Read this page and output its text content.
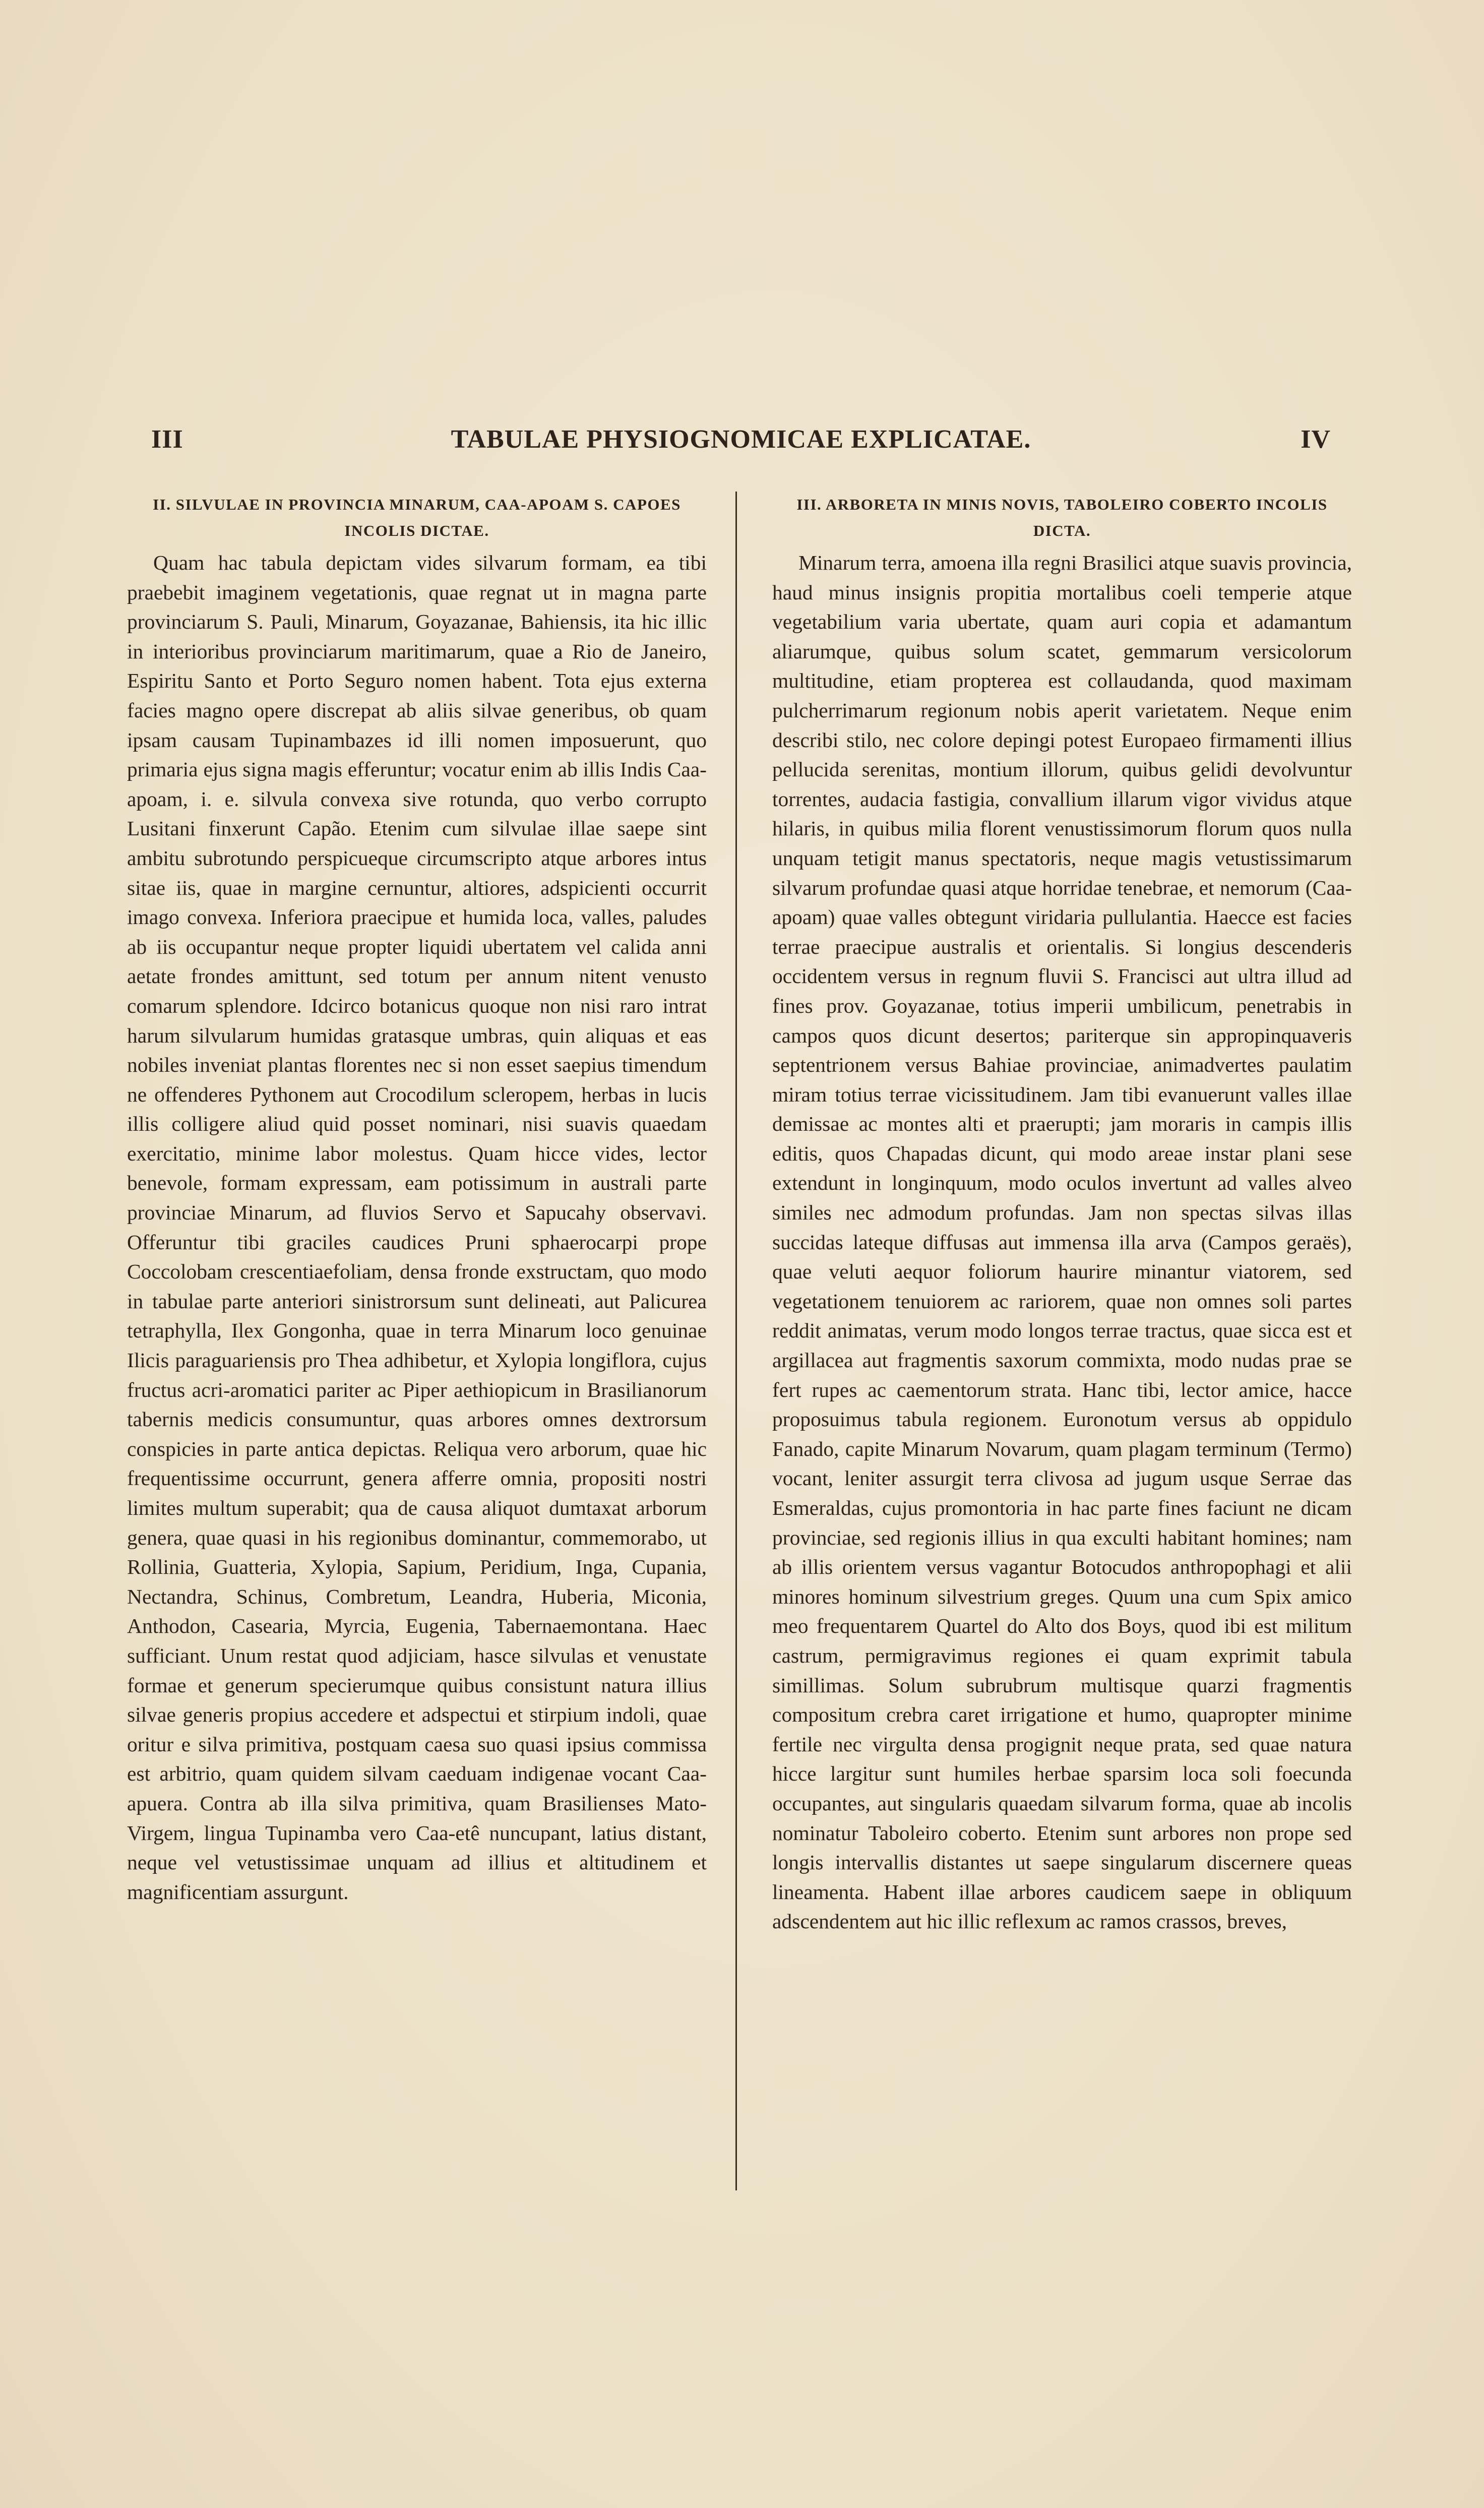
III	TABULAE PHYSIOGNOMICAE EXPLICATAE.	IV
II. SILVULAE IN PROVINCIA MINARUM, CAA-APOAM S. CAPOES INCOLIS DICTAE.

Quam hac tabula depictam vides silvarum formam, ea tibi praebebit imaginem vegetationis, quae regnat ut in magna parte provinciarum S. Pauli, Minarum, Goyazanae, Bahiensis, ita hic illic in interioribus provinciarum maritimarum, quae a Rio de Janeiro, Espiritu Santo et Porto Seguro nomen habent. Tota ejus externa facies magno opere discrepat ab aliis silvae generibus, ob quam ipsam causam Tupinambazes id illi nomen imposuerunt, quo primaria ejus signa magis efferuntur; vocatur enim ab illis Indis Caa-apoam, i. e. silvula convexa sive rotunda, quo verbo corrupto Lusitani finxerunt Capão. Etenim cum silvulae illae saepe sint ambitu subrotundo perspicueque circumscripto atque arbores intus sitae iis, quae in margine cernuntur, altiores, adspicienti occurrit imago convexa. Inferiora praecipue et humida loca, valles, paludes ab iis occupantur neque propter liquidi ubertatem vel calida anni aetate frondes amittunt, sed totum per annum nitent venusto comarum splendore. Idcirco botanicus quoque non nisi raro intrat harum silvularum humidas gratasque umbras, quin aliquas et eas nobiles inveniat plantas florentes nec si non esset saepius timendum ne offenderes Pythonem aut Crocodilum scleropem, herbas in lucis illis colligere aliud quid posset nominari, nisi suavis quaedam exercitatio, minime labor molestus. Quam hicce vides, lector benevole, formam expressam, eam potissimum in australi parte provinciae Minarum, ad fluvios Servo et Sapucahy observavi. Offeruntur tibi graciles caudices Pruni sphaerocarpi prope Coccolobam crescentiaefoliam, densa fronde exstructam, quo modo in tabulae parte anteriori sinistrorsum sunt delineati, aut Palicurea tetraphylla, Ilex Gongonha, quae in terra Minarum loco genuinae Ilicis paraguariensis pro Thea adhibetur, et Xylopia longiflora, cujus fructus acri-aromatici pariter ac Piper aethiopicum in Brasilianorum tabernis medicis consumuntur, quas arbores omnes dextrorsum conspicies in parte antica depictas. Reliqua vero arborum, quae hic frequentissime occurrunt, genera afferre omnia, propositi nostri limites multum superabit; qua de causa aliquot dumtaxat arborum genera, quae quasi in his regionibus dominantur, commemorabo, ut Rollinia, Guatteria, Xylopia, Sapium, Peridium, Inga, Cupania, Nectandra, Schinus, Combretum, Leandra, Huberia, Miconia, Anthodon, Casearia, Myrcia, Eugenia, Tabernaemontana. Haec sufficiant. Unum restat quod adjiciam, hasce silvulas et venustate formae et generum specierumque quibus consistunt natura illius silvae generis propius accedere et adspectui et stirpium indoli, quae oritur e silva primitiva, postquam caesa suo quasi ipsius commissa est arbitrio, quam quidem silvam caeduam indigenae vocant Caa-apuera. Contra ab illa silva primitiva, quam Brasilienses Mato-Virgem, lingua Tupinamba vero Caa-etê nuncupant, latius distant, neque vel vetustissimae unquam ad illius et altitudinem et magnificentiam assurgunt.

III. ARBORETA IN MINIS NOVIS, TABOLEIRO COBERTO INCOLIS DICTA.

Minarum terra, amoena illa regni Brasilici atque suavis provincia, haud minus insignis propitia mortalibus coeli temperie atque vegetabilium varia ubertate, quam auri copia et adamantum aliarumque, quibus solum scatet, gemmarum versicolorum multitudine, etiam propterea est collaudanda, quod maximam pulcherrimarum regionum nobis aperit varietatem. Neque enim describi stilo, nec colore depingi potest Europaeo firmamenti illius pellucida serenitas, montium illorum, quibus gelidi devolvuntur torrentes, audacia fastigia, convallium illarum vigor vividus atque hilaris, in quibus milia florent venustissimorum florum quos nulla unquam tetigit manus spectatoris, neque magis vetustissimarum silvarum profundae quasi atque horridae tenebrae, et nemorum (Caa-apoam) quae valles obtegunt viridaria pullulantia. Haecce est facies terrae praecipue australis et orientalis. Si longius descenderis occidentem versus in regnum fluvii S. Francisci aut ultra illud ad fines prov. Goyazanae, totius imperii umbilicum, penetrabis in campos quos dicunt desertos; pariterque sin appropinquaveris septentrionem versus Bahiae provinciae, animadvertes paulatim miram totius terrae vicissitudinem. Jam tibi evanuerunt valles illae demissae ac montes alti et praerupti; jam moraris in campis illis editis, quos Chapadas dicunt, qui modo areae instar plani sese extendunt in longinquum, modo oculos invertunt ad valles alveo similes nec admodum profundas. Jam non spectas silvas illas succidas lateque diffusas aut immensa illa arva (Campos geraës), quae veluti aequor foliorum haurire minantur viatorem, sed vegetationem tenuiorem ac rariorem, quae non omnes soli partes reddit animatas, verum modo longos terrae tractus, quae sicca est et argillacea aut fragmentis saxorum commixta, modo nudas prae se fert rupes ac caementorum strata. Hanc tibi, lector amice, hacce proposuimus tabula regionem. Euronotum versus ab oppidulo Fanado, capite Minarum Novarum, quam plagam terminum (Termo) vocant, leniter assurgit terra clivosa ad jugum usque Serrae das Esmeraldas, cujus promontoria in hac parte fines faciunt ne dicam provinciae, sed regionis illius in qua exculti habitant homines; nam ab illis orientem versus vagantur Botocudos anthropophagi et alii minores hominum silvestrium greges. Quum una cum Spix amico meo frequentarem Quartel do Alto dos Boys, quod ibi est militum castrum, permigravimus regiones ei quam exprimit tabula simillimas. Solum subrubrum multisque quarzi fragmentis compositum crebra caret irrigatione et humo, quapropter minime fertile nec virgulta densa progignit neque prata, sed quae natura hicce largitur sunt humiles herbae sparsim loca soli foecunda occupantes, aut singularis quaedam silvarum forma, quae ab incolis nominatur Taboleiro coberto. Etenim sunt arbores non prope sed longis intervallis distantes ut saepe singularum discernere queas lineamenta. Habent illae arbores caudicem saepe in obliquum adscendentem aut hic illic reflexum ac ramos crassos, breves,
